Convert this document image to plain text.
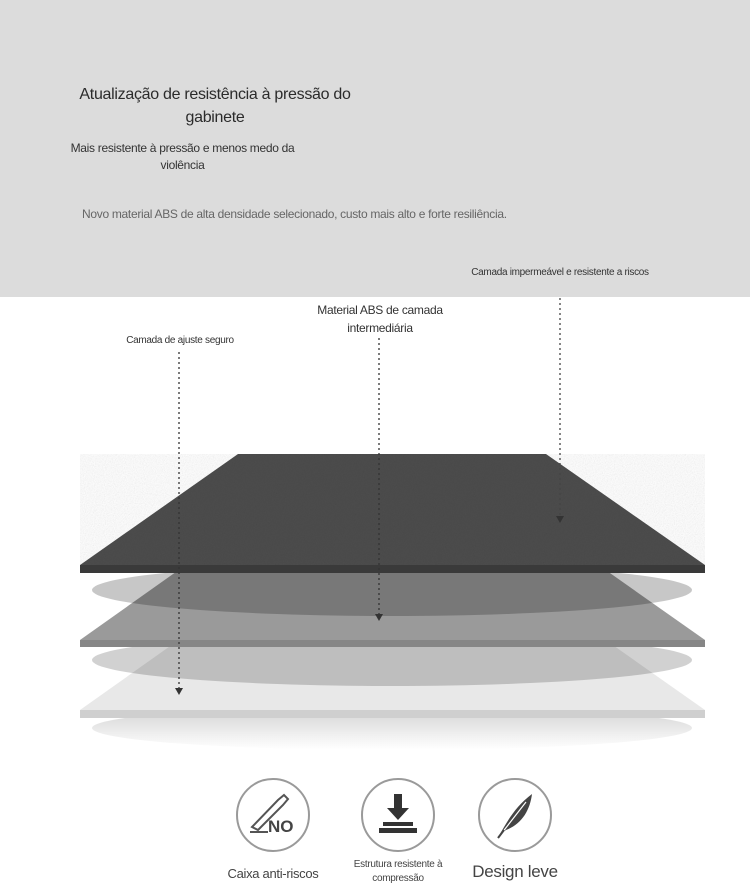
Atualização de resistência à pressão do gabinete
Mais resistente à pressão e menos medo da violência
Novo material ABS de alta densidade selecionado, custo mais alto e forte resiliência.
Camada impermeável e resistente a riscos
Material ABS de camada intermediária
Camada de ajuste seguro
NO
Caixa anti-riscos
Estrutura resistente à compressão	Design leve
